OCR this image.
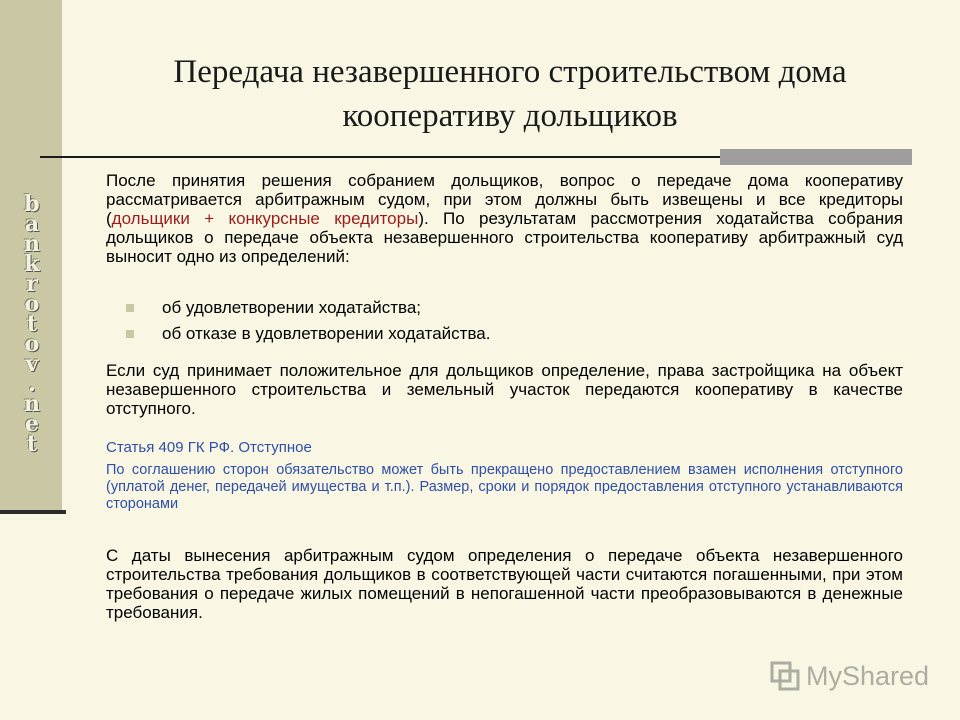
b
a
n
k
r
o
t
o
v
.
n
e
t
Передача незавершенного строительством дома кооперативу дольщиков

После принятия решения собранием дольщиков, вопрос о передаче дома кооперативу рассматривается арбитражным судом, при этом должны быть извещены и все кредиторы (дольщики + конкурсные кредиторы). По результатам рассмотрения ходатайства собрания дольщиков о передаче объекта незавершенного строительства кооперативу арбитражный суд выносит одно из определений:

об удовлетворении ходатайства;
об отказе в удовлетворении ходатайства.

Если суд принимает положительное для дольщиков определение, права застройщика на объект незавершенного строительства и земельный участок передаются кооперативу в качестве отступного.

Статья 409 ГК РФ. Отступное

По соглашению сторон обязательство может быть прекращено предоставлением взамен исполнения отступного (уплатой денег, передачей имущества и т.п.). Размер, сроки и порядок предоставления отступного устанавливаются сторонами

С даты вынесения арбитражным судом определения о передаче объекта незавершенного строительства требования дольщиков в соответствующей части считаются погашенными, при этом требования о передаче жилых помещений в непогашенной части преобразовываются в денежные требования.

MyShared
